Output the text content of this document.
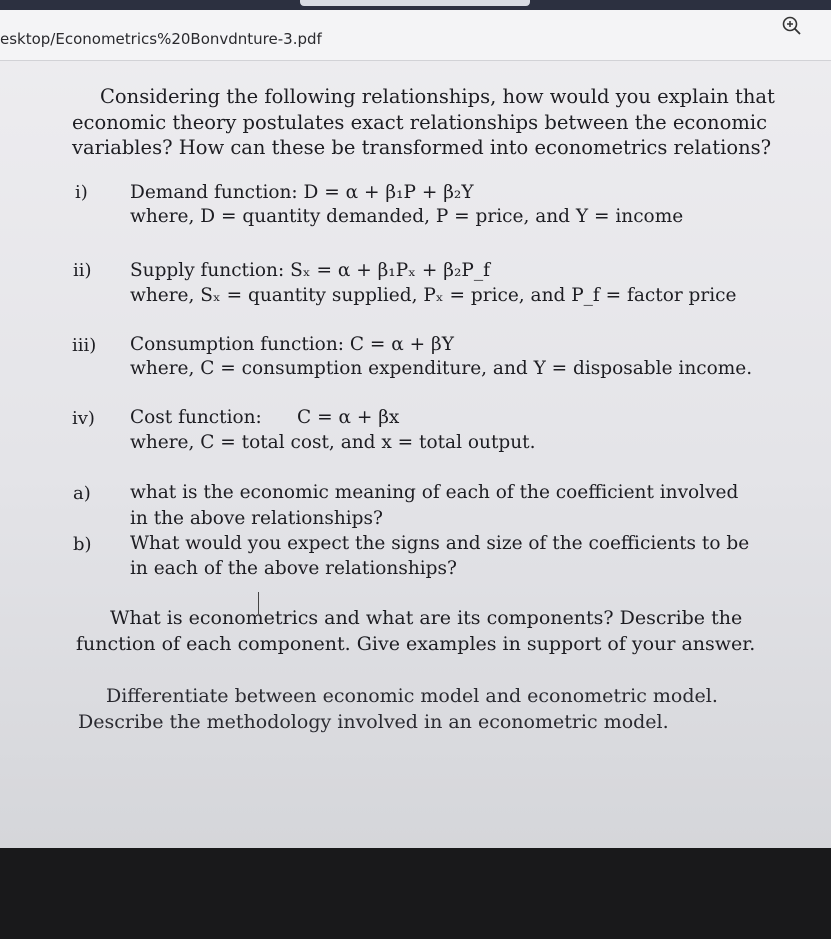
esktop/Econometrics%20Bonvdnture-3.pdf
Considering the following relationships, how would you explain that
economic theory postulates exact relationships between the economic
variables? How can these be transformed into econometrics relations?
i) Demand function: D = α + β₁P + β₂Y
where, D = quantity demanded, P = price, and Y = income
ii) Supply function: Sₓ = α + β₁Pₓ + β₂P_f
where, Sₓ = quantity supplied, Pₓ = price, and P_f = factor price
iii) Consumption function: C = α + βY
where, C = consumption expenditure, and Y = disposable income.
iv) Cost function:      C = α + βx
where, C = total cost, and x = total output.
a) what is the economic meaning of each of the coefficient involved
in the above relationships?
b) What would you expect the signs and size of the coefficients to be
in each of the above relationships?
What is econometrics and what are its components? Describe the
function of each component. Give examples in support of your answer.
Differentiate between economic model and econometric model.
Describe the methodology involved in an econometric model.
